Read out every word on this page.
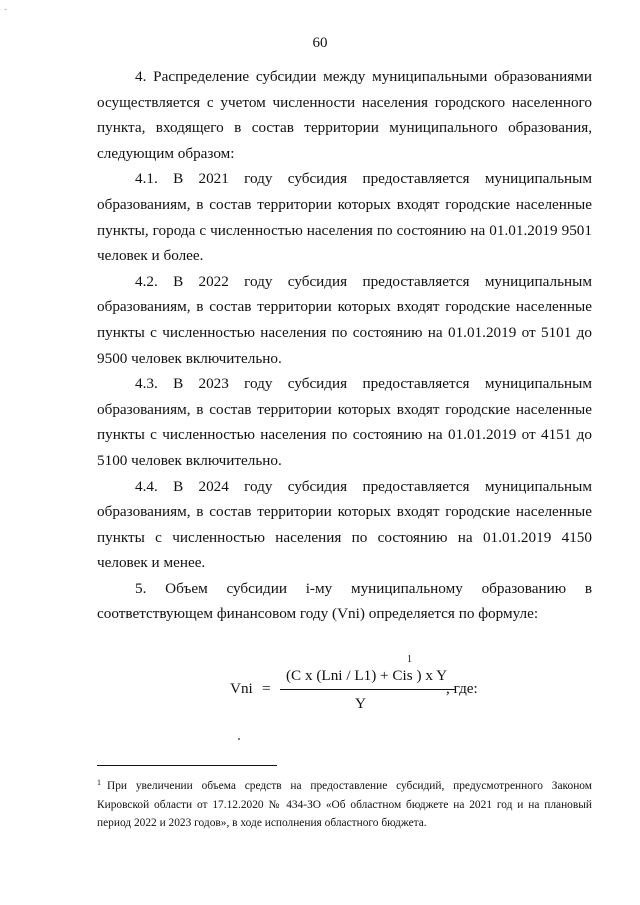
-
60

4. Распределение субсидии между муниципальными образованиями осуществляется с учетом численности населения городского населенного пункта, входящего в состав территории муниципального образования, следующим образом:

4.1. В 2021 году субсидия предоставляется муниципальным образованиям, в состав территории которых входят городские населенные пункты, города с численностью населения по состоянию на 01.01.2019 9501 человек и более.

4.2. В 2022 году субсидия предоставляется муниципальным образованиям, в состав территории которых входят городские населенные пункты с численностью населения по состоянию на 01.01.2019 от 5101 до 9500 человек включительно.

4.3. В 2023 году субсидия предоставляется муниципальным образованиям, в состав территории которых входят городские населенные пункты с численностью населения по состоянию на 01.01.2019 от 4151 до 5100 человек включительно.

4.4. В 2024 году субсидия предоставляется муниципальным образованиям, в состав территории которых входят городские населенные пункты с численностью населения по состоянию на 01.01.2019 4150 человек и менее.

5. Объем субсидии i-му муниципальному образованию в соответствующем финансовом году (Vni) определяется по формуле:

Vni =
(C x (Lni / L1) + Cis ) x Y
1
, где:
Y
$^1$ При увеличении объема средств на предоставление субсидий, предусмотренного Законом Кировской области от 17.12.2020 № 434-ЗО «Об областном бюджете на 2021 год и на плановый период 2022 и 2023 годов», в ходе исполнения областного бюджета.
